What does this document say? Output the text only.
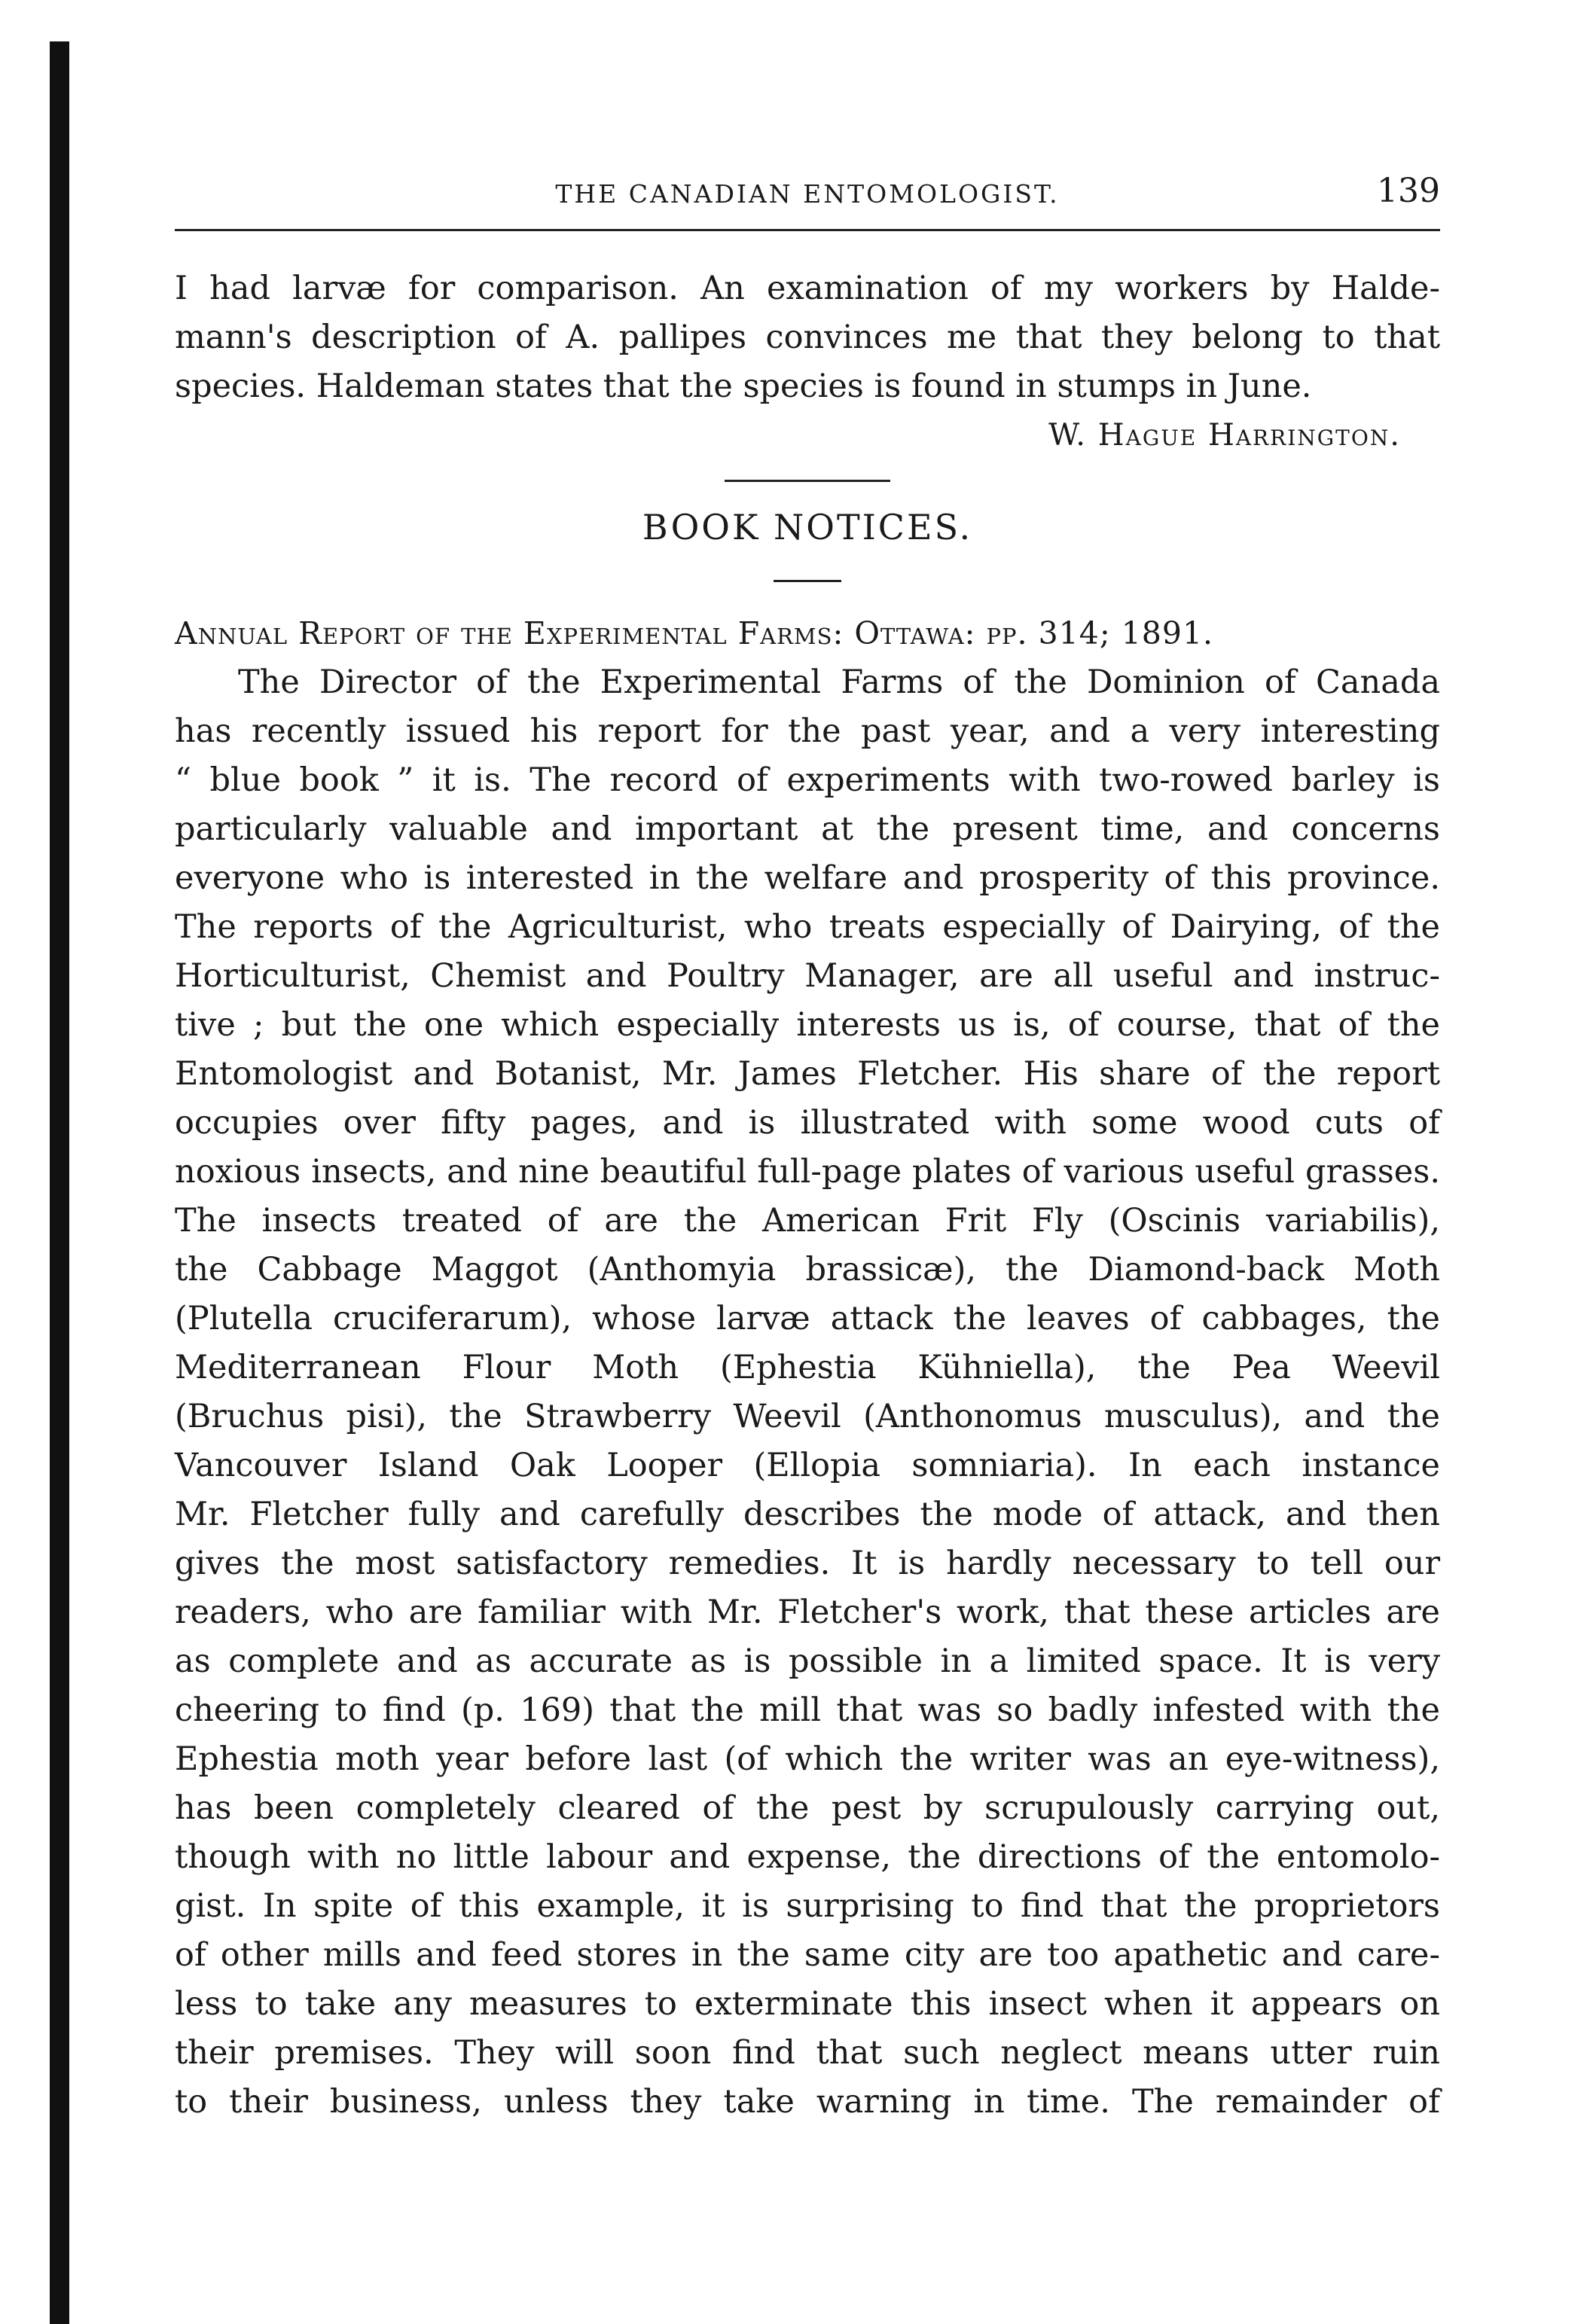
THE CANADIAN ENTOMOLOGIST.	139
I had larvæ for comparison. An examination of my workers by Halde-
mann's description of A. pallipes convinces me that they belong to that
species. Haldeman states that the species is found in stumps in June.
W. Hague Harrington.
BOOK NOTICES.
Annual Report of the Experimental Farms: Ottawa: pp. 314; 1891.
The Director of the Experimental Farms of the Dominion of Canada
has recently issued his report for the past year, and a very interesting
“ blue book ” it is. The record of experiments with two-rowed barley is
particularly valuable and important at the present time, and concerns
everyone who is interested in the welfare and prosperity of this province.
The reports of the Agriculturist, who treats especially of Dairying, of the
Horticulturist, Chemist and Poultry Manager, are all useful and instruc-
tive ; but the one which especially interests us is, of course, that of the
Entomologist and Botanist, Mr. James Fletcher. His share of the report
occupies over fifty pages, and is illustrated with some wood cuts of
noxious insects, and nine beautiful full-page plates of various useful grasses.
The insects treated of are the American Frit Fly (Oscinis variabilis),
the Cabbage Maggot (Anthomyia brassicæ), the Diamond-back Moth
(Plutella cruciferarum), whose larvæ attack the leaves of cabbages, the
Mediterranean Flour Moth (Ephestia Kühniella), the Pea Weevil
(Bruchus pisi), the Strawberry Weevil (Anthonomus musculus), and the
Vancouver Island Oak Looper (Ellopia somniaria). In each instance
Mr. Fletcher fully and carefully describes the mode of attack, and then
gives the most satisfactory remedies. It is hardly necessary to tell our
readers, who are familiar with Mr. Fletcher's work, that these articles are
as complete and as accurate as is possible in a limited space. It is very
cheering to find (p. 169) that the mill that was so badly infested with the
Ephestia moth year before last (of which the writer was an eye-witness),
has been completely cleared of the pest by scrupulously carrying out,
though with no little labour and expense, the directions of the entomolo-
gist. In spite of this example, it is surprising to find that the proprietors
of other mills and feed stores in the same city are too apathetic and care-
less to take any measures to exterminate this insect when it appears on
their premises. They will soon find that such neglect means utter ruin
to their business, unless they take warning in time. The remainder of
